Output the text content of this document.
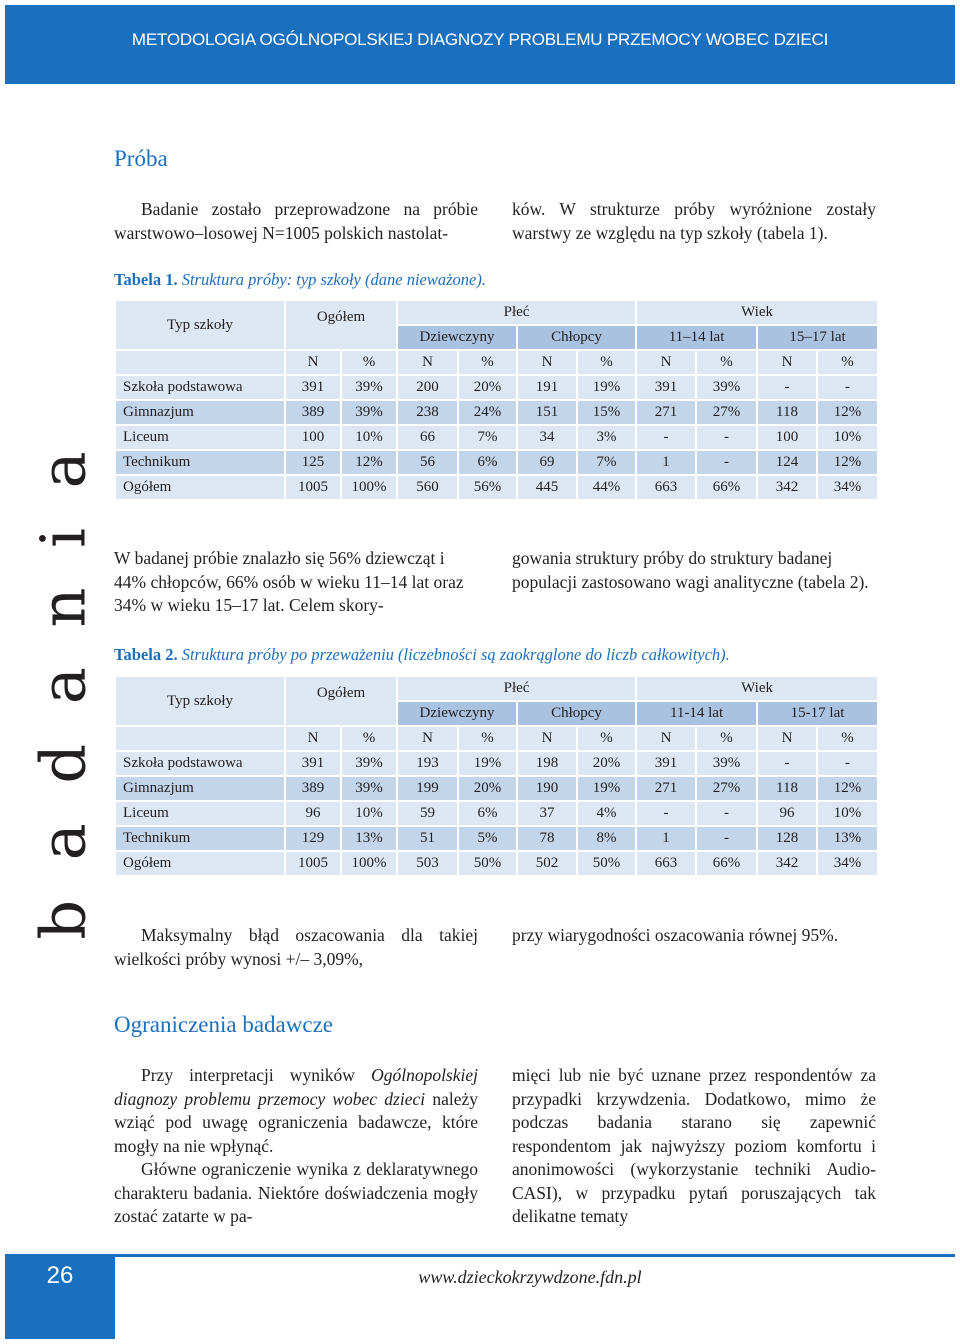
METODOLOGIA OGÓLNOPOLSKIEJ DIAGNOZY PROBLEMU PRZEMOCY WOBEC DZIECI
b a d a n i a
Próba
Badanie zostało przeprowadzone na próbie warstwowo–losowej N=1005 polskich nastolat-
ków. W strukturze próby wyróżnione zostały warstwy ze względu na typ szkoły (tabela 1).
Tabela 1. Struktura próby: typ szkoły (dane nieważone).
Typ szkoły	Ogółem		Płeć				Wiek			
			Dziewczyny		Chłopcy		11–14 lat		15–17 lat	
	N	%	N	%	N	%	N	%	N	%
Szkoła podstawowa	391	39%	200	20%	191	19%	391	39%	-	-
Gimnazjum	389	39%	238	24%	151	15%	271	27%	118	12%
Liceum	100	10%	66	7%	34	3%	-	-	100	10%
Technikum	125	12%	56	6%	69	7%	1	-	124	12%
Ogółem	1005	100%	560	56%	445	44%	663	66%	342	34%
W badanej próbie znalazło się 56% dziewcząt i 44% chłopców, 66% osób w wieku 11–14 lat oraz 34% w wieku 15–17 lat. Celem skory-
gowania struktury próby do struktury badanej populacji zastosowano wagi analityczne (tabela 2).
Tabela 2. Struktura próby po przeważeniu (liczebności są zaokrąglone do liczb całkowitych).
Typ szkoły	Ogółem		Płeć				Wiek			
			Dziewczyny		Chłopcy		11-14 lat		15-17 lat	
	N	%	N	%	N	%	N	%	N	%
Szkoła podstawowa	391	39%	193	19%	198	20%	391	39%	-	-
Gimnazjum	389	39%	199	20%	190	19%	271	27%	118	12%
Liceum	96	10%	59	6%	37	4%	-	-	96	10%
Technikum	129	13%	51	5%	78	8%	1	-	128	13%
Ogółem	1005	100%	503	50%	502	50%	663	66%	342	34%
Maksymalny błąd oszacowania dla takiej wielkości próby wynosi +/– 3,09%,
przy wiarygodności oszacowania równej 95%.
Ograniczenia badawcze

Przy interpretacji wyników Ogólnopolskiej diagnozy problemu przemocy wobec dzieci należy wziąć pod uwagę ograniczenia badawcze, które mogły na nie wpłynąć.

Główne ograniczenie wynika z deklaratywnego charakteru badania. Niektóre doświadczenia mogły zostać zatarte w pa-

mięci lub nie być uznane przez respondentów za przypadki krzywdzenia. Dodatkowo, mimo że podczas badania starano się zapewnić respondentom jak najwyższy poziom komfortu i anonimowości (wykorzystanie techniki Audio-CASI), w przypadku pytań poruszających tak delikatne tematy
26	www.dzieckokrzywdzone.fdn.pl
